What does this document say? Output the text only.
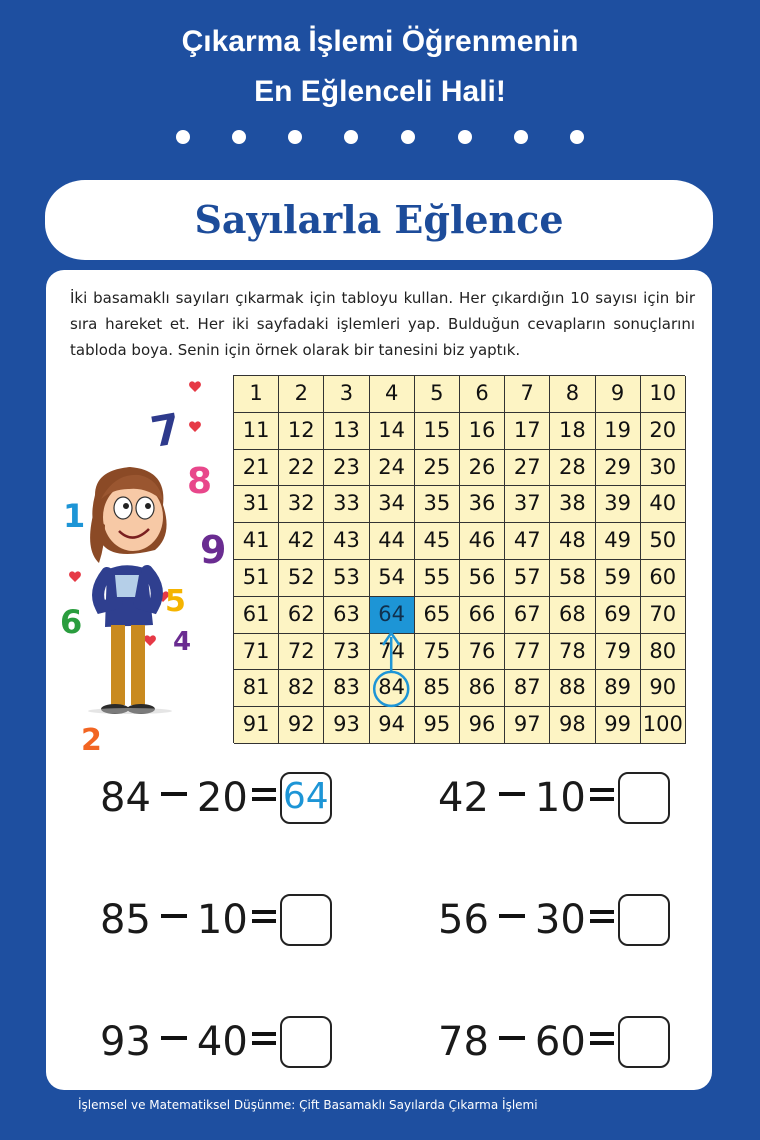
Çıkarma İşlemi Öğrenmenin
En Eğlenceli Hali!
Sayılarla Eğlence
İki basamaklı sayıları çıkarmak için tabloyu kullan. Her çıkardığın 10 sayısı için bir sıra hareket et. Her iki sayfadaki işlemleri yap. Bulduğun cevapların sonuçlarını tabloda boya. Senin için örnek olarak bir tanesini biz yaptık.
7
8
1
9
5
6
4
2
1	2	3	4	5	6	7	8	9	10
11 12 13 14 15 16 17 18 19 20
21 22 23 24 25 26 27 28 29 30
31 32 33 34 35 36 37 38 39 40
41 42 43 44 45 46 47 48 49 50
51 52 53 54 55 56 57 58 59 60
61 62 63 64 65 66 67 68 69 70
71 72 73 74 75 76 77 78 79 80
81 82 83 84 85 86 87 88 89 90
91 92 93 94 95 96 97 98 99 100
84 20 64	42 10
85 10	56 30
93 40	78 60
İşlemsel ve Matematiksel Düşünme: Çift Basamaklı Sayılarda Çıkarma İşlemi
